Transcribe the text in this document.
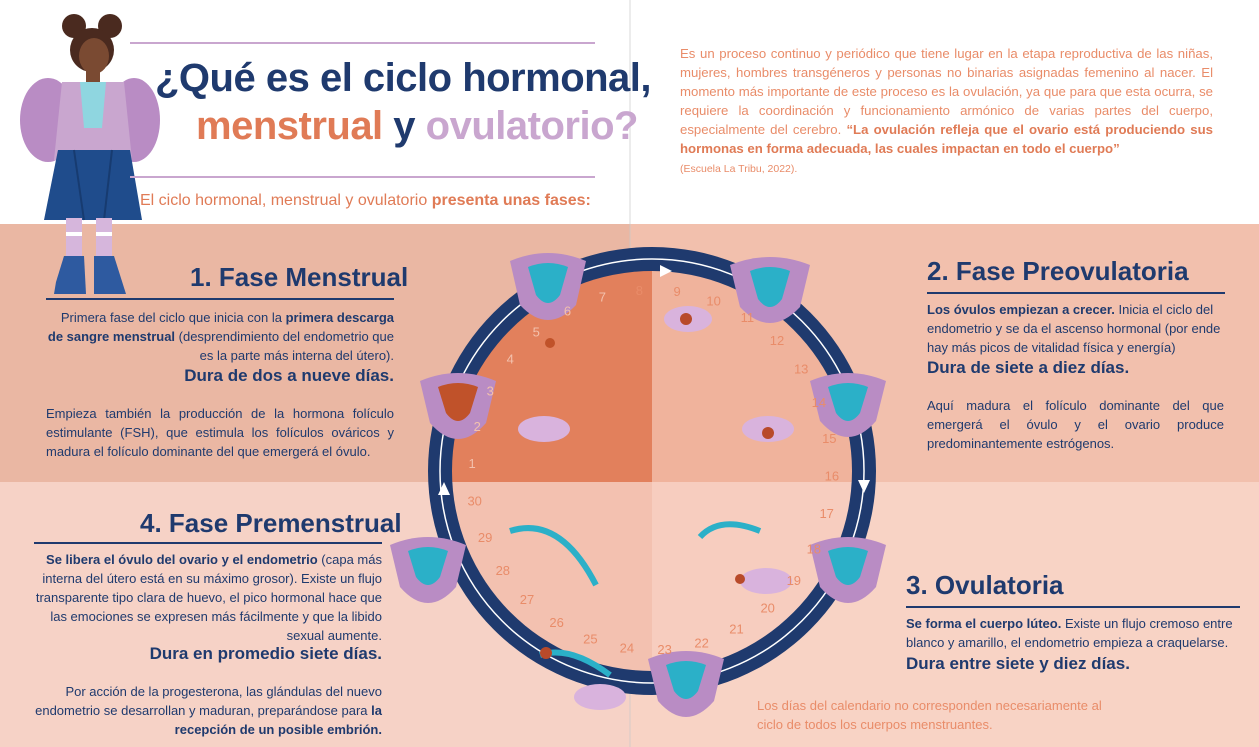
¿Qué es el ciclo hormonal,
menstrual y ovulatorio?
El ciclo hormonal, menstrual y ovulatorio presenta unas fases:
Es un proceso continuo y periódico que tiene lugar en la etapa reproductiva de las niñas, mujeres, hombres transgéneros y personas no binarias asignadas femenino al nacer. El momento más importante de este proceso es la ovulación, ya que para que esta ocurra, se requiere la coordinación y funcionamiento armónico de varias partes del cuerpo, especialmente del cerebro. “La ovulación refleja que el ovario está produciendo sus hormonas en forma adecuada, las cuales impactan en todo el cuerpo”
(Escuela La Tribu, 2022).
1
2
3
4
5
6
7 8 9
10
11
12
13
14
15
16
17
18
19
20
21
22
23
24
25
26
27
28
29
30
1. Fase Menstrual
Primera fase del ciclo que inicia con la primera descarga de sangre menstrual (desprendimiento del endometrio que es la parte más interna del útero).
Dura de dos a nueve días.
Empieza también la producción de la hormona folículo estimulante (FSH), que estimula los folículos ováricos y madura el folículo dominante del que emergerá el óvulo.
2. Fase Preovulatoria
Los óvulos empiezan a crecer. Inicia el ciclo del endometrio y se da el ascenso hormonal (por ende hay más picos de vitalidad física y energía)
Dura de siete a diez días.
Aquí madura el folículo dominante del que emergerá el óvulo y el ovario produce predominantemente estrógenos.
3. Ovulatoria
Se forma el cuerpo lúteo. Existe un flujo cremoso entre blanco y amarillo, el endometrio empieza a craquelarse.
Dura entre siete y diez días.
4. Fase Premenstrual
Se libera el óvulo del ovario y el endometrio (capa más interna del útero está en su máximo grosor). Existe un flujo transparente tipo clara de huevo, el pico hormonal hace que las emociones se expresen más fácilmente y que la libido sexual aumente.
Dura en promedio siete días.
Por acción de la progesterona, las glándulas del nuevo endometrio se desarrollan y maduran, preparándose para la recepción de un posible embrión.
Los días del calendario no corresponden necesariamente al ciclo de todos los cuerpos menstruantes.
